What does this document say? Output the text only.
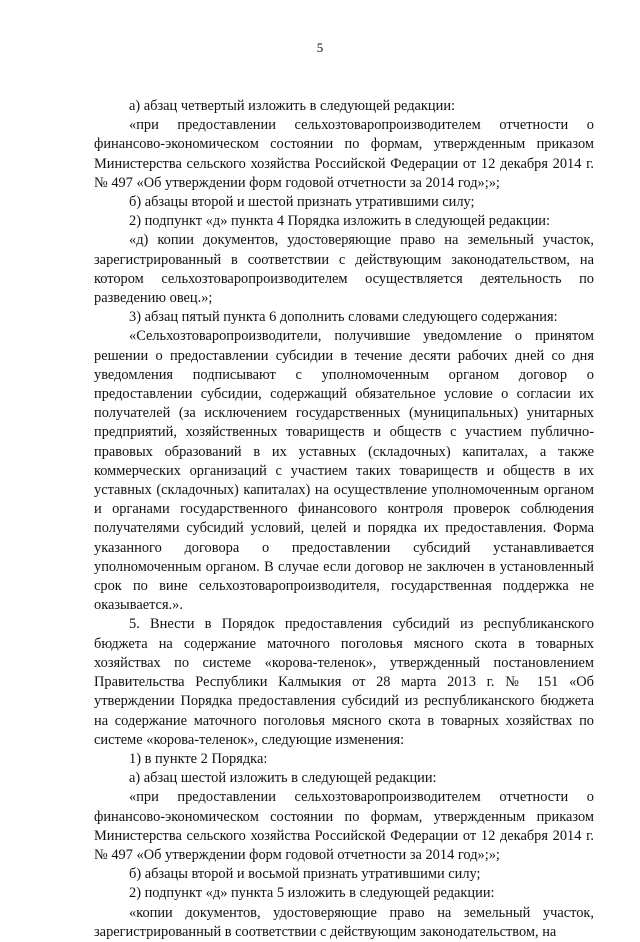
5

а) абзац четвертый изложить в следующей редакции:

«при предоставлении сельхозтоваропроизводителем отчетности о финансово-экономическом состоянии по формам, утвержденным приказом Министерства сельского хозяйства Российской Федерации от 12 декабря 2014 г. № 497 «Об утверждении форм годовой отчетности за 2014 год»;»;

б) абзацы второй и шестой признать утратившими силу;

2) подпункт «д» пункта 4 Порядка изложить в следующей редакции:

«д) копии документов, удостоверяющие право на земельный участок, зарегистрированный в соответствии с действующим законодательством, на котором сельхозтоваропроизводителем осуществляется деятельность по разведению овец.»;

3) абзац пятый пункта 6 дополнить словами следующего содержания:

«Сельхозтоваропроизводители, получившие уведомление о принятом решении о предоставлении субсидии в течение десяти рабочих дней со дня уведомления подписывают с уполномоченным органом договор о предоставлении субсидии, содержащий обязательное условие о согласии их получателей (за исключением государственных (муниципальных) унитарных предприятий, хозяйственных товариществ и обществ с участием публично-правовых образований в их уставных (складочных) капиталах, а также коммерческих организаций с участием таких товариществ и обществ в их уставных (складочных) капиталах) на осуществление уполномоченным органом и органами государственного финансового контроля проверок соблюдения получателями субсидий условий, целей и порядка их предоставления. Форма указанного договора о предоставлении субсидий устанавливается уполномоченным органом. В случае если договор не заключен в установленный срок по вине сельхозтоваропроизводителя, государственная поддержка не оказывается.».

5. Внести в Порядок предоставления субсидий из республиканского бюджета на содержание маточного поголовья мясного скота в товарных хозяйствах по системе «корова-теленок», утвержденный постановлением Правительства Республики Калмыкия от 28 марта 2013 г. № 151 «Об утверждении Порядка предоставления субсидий из республиканского бюджета на содержание маточного поголовья мясного скота в товарных хозяйствах по системе «корова-теленок», следующие изменения:

1) в пункте 2 Порядка:

а) абзац шестой изложить в следующей редакции:

«при предоставлении сельхозтоваропроизводителем отчетности о финансово-экономическом состоянии по формам, утвержденным приказом Министерства сельского хозяйства Российской Федерации от 12 декабря 2014 г. № 497 «Об утверждении форм годовой отчетности за 2014 год»;»;

б) абзацы второй и восьмой признать утратившими силу;

2) подпункт «д» пункта 5 изложить в следующей редакции:

«копии документов, удостоверяющие право на земельный участок, зарегистрированный в соответствии с действующим законодательством, на
